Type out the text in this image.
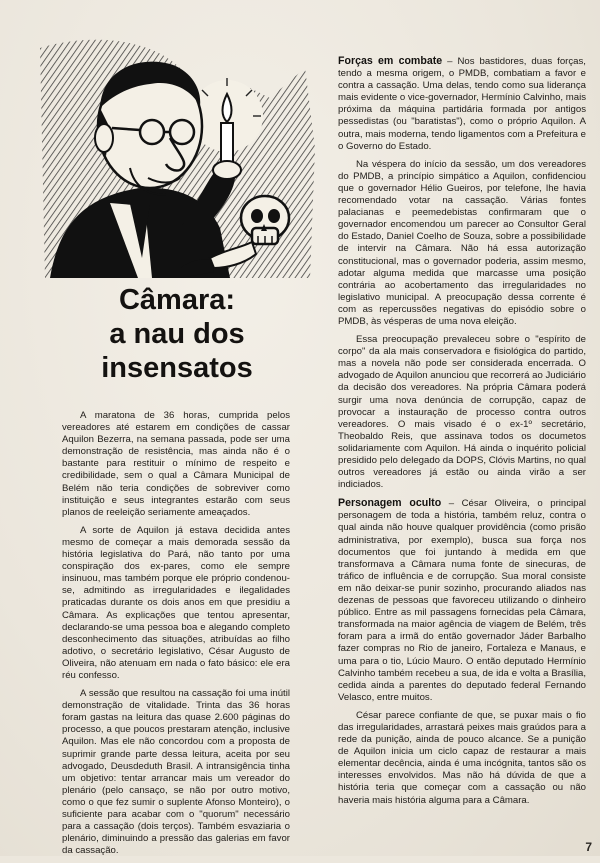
Câmara:
a nau dos
insensatos

A maratona de 36 horas, cumprida pelos vereadores até estarem em condições de cassar Aquilon Bezerra, na semana passada, pode ser uma demonstração de resistência, mas ainda não é o bastante para restituir o mínimo de respeito e credibilidade, sem o qual a Câmara Municipal de Belém não teria condições de sobreviver como instituição e seus integrantes estarão com seus planos de reeleição seriamente ameaçados.

A sorte de Aquilon já estava decidida antes mesmo de começar a mais demorada sessão da história legislativa do Pará, não tanto por uma conspiração dos ex-pares, como ele sempre insinuou, mas também porque ele próprio condenou-se, admitindo as irregularidades e ilegalidades praticadas durante os dois anos em que presidiu a Câmara. As explicações que tentou apresentar, declarando-se uma pessoa boa e alegando completo desconhecimento das situações, atribuídas ao filho adotivo, o secretário legislativo, César Augusto de Oliveira, não atenuam em nada o fato básico: ele era réu confesso.

A sessão que resultou na cassação foi uma inútil demonstração de vitalidade. Trinta das 36 horas foram gastas na leitura das quase 2.600 páginas do processo, a que poucos prestaram atenção, inclusive Aquilon. Mas ele não concordou com a proposta de suprimir grande parte dessa leitura, aceita por seu advogado, Deusdeduth Brasil. A intransigência tinha um objetivo: tentar arrancar mais um vereador do plenário (pelo cansaço, se não por outro motivo, como o que fez sumir o suplente Afonso Monteiro), o suficiente para acabar com o "quorum" necessário para a cassação (dois terços). Também esvaziaria o plenário, diminuindo a pressão das galerias em favor da cassação.

Forças em combate – Nos bastidores, duas forças, tendo a mesma origem, o PMDB, combatiam a favor e contra a cassação. Uma delas, tendo como sua liderança mais evidente o vice-governador, Hermínio Calvinho, mais próxima da máquina partidária formada por antigos pessedistas (ou "baratistas"), como o próprio Aquilon. A outra, mais moderna, tendo ligamentos com a Prefeitura e o Governo do Estado.

Na véspera do início da sessão, um dos vereadores do PMDB, a princípio simpático a Aquilon, confidenciou que o governador Hélio Gueiros, por telefone, lhe havia recomendado votar na cassação. Várias fontes palacianas e peemedebistas confirmaram que o governador encomendou um parecer ao Consultor Geral do Estado, Daniel Coelho de Souza, sobre a possibilidade de intervir na Câmara. Não há essa autorização constitucional, mas o governador poderia, assim mesmo, adotar alguma medida que marcasse uma posição contrária ao acobertamento das irregularidades no legislativo municipal. A preocupação dessa corrente é com as repercussões negativas do episódio sobre o PMDB, às vésperas de uma nova eleição.

Essa preocupação prevaleceu sobre o "espírito de corpo" da ala mais conservadora e fisiológica do partido, mas a novela não pode ser considerada encerrada. O advogado de Aquilon anunciou que recorrerá ao Judiciário da decisão dos vereadores. Na própria Câmara poderá surgir uma nova denúncia de corrupção, capaz de provocar a instauração de processo contra outros vereadores. O mais visado é o ex-1º secretário, Theobaldo Reis, que assinava todos os documetos solidariamente com Aquilon. Há ainda o inquérito policial presidido pelo delegado da DOPS, Clóvis Martins, no qual outros vereadores já estão ou ainda virão a ser indiciados.

Personagem oculto – César Oliveira, o principal personagem de toda a história, também reluz, contra o qual ainda não houve qualquer providência (como prisão administrativa, por exemplo), busca sua força nos documentos que foi juntando à medida em que transformava a Câmara numa fonte de sinecuras, de tráfico de influência e de corrupção. Sua moral consiste em não deixar-se punir sozinho, procurando aliados nas dezenas de pessoas que favoreceu utilizando o dinheiro público. Entre as mil passagens fornecidas pela Câmara, transformada na maior agência de viagem de Belém, três foram para a irmã do então governador Jáder Barbalho fazer compras no Rio de janeiro, Fortaleza e Manaus, e uma para o tio, Lúcio Mauro. O então deputado Hermínio Calvinho também recebeu a sua, de ida e volta a Brasília, cedida ainda a parentes do deputado federal Fernando Velasco, entre muitos.

César parece confiante de que, se puxar mais o fio das irregularidades, arrastará peixes mais graúdos para a rede da punição, ainda de pouco alcance. Se a punição de Aquilon inicia um ciclo capaz de restaurar a mais elementar decência, ainda é uma incógnita, tantos são os interesses envolvidos. Mas não há dúvida de que a história teria que começar com a cassação ou não haveria mais história alguma para a Câmara.

7
